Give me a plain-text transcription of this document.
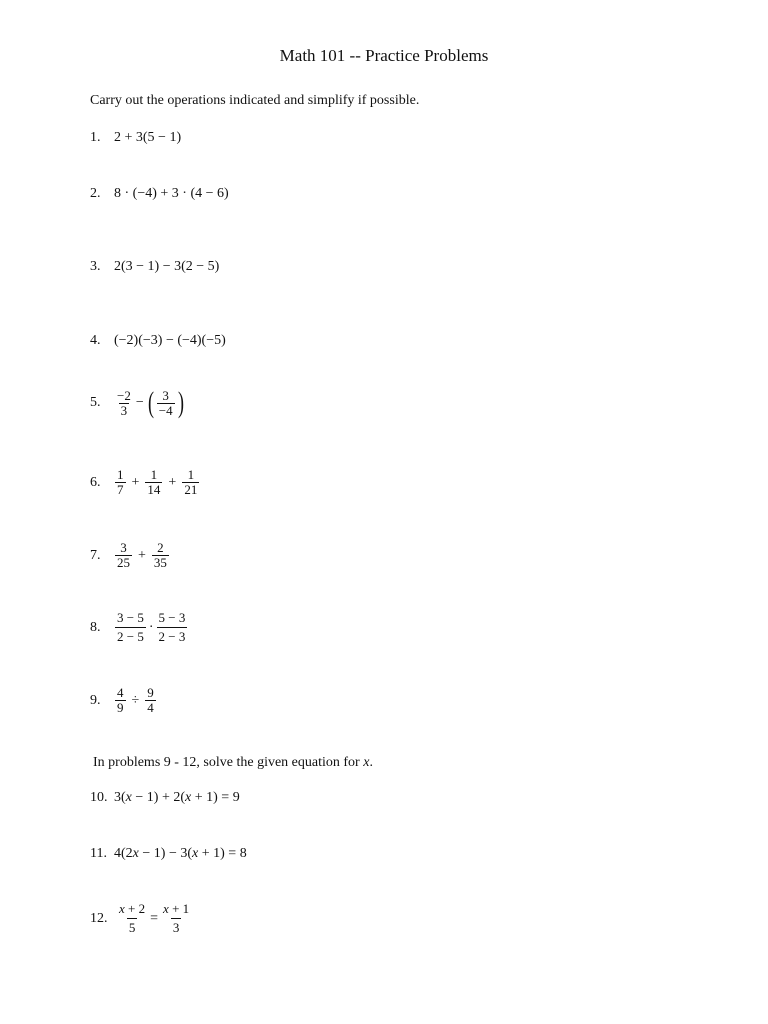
Math 101 -- Practice Problems
Carry out the operations indicated and simplify if possible.
1. 2 + 3(5 − 1)
2. 8 · (−4) + 3 · (4 − 6)
3. 2(3 − 1) − 3(2 − 5)
4. (−2)(−3) − (−4)(−5)
5.	$\frac{-2}{3}$ − ( $\frac{3}{-4}$ )
6.	$\frac{1}{7} + \frac{1}{14} + \frac{1}{21}$
7.	$\frac{3}{25} + \frac{2}{35}$
8.	$\frac{3 - 5}{2 - 5} \cdot \frac{5 - 3}{2 - 3}$
9.	$\frac{4}{9} \div \frac{9}{4}$
In problems 9 - 12, solve the given equation for x.
10. 3(x − 1) + 2(x + 1) = 9
11. 4(2x − 1) − 3(x + 1) = 8
12. $\frac{x + 2}{5} = \frac{x + 1}{3}$
